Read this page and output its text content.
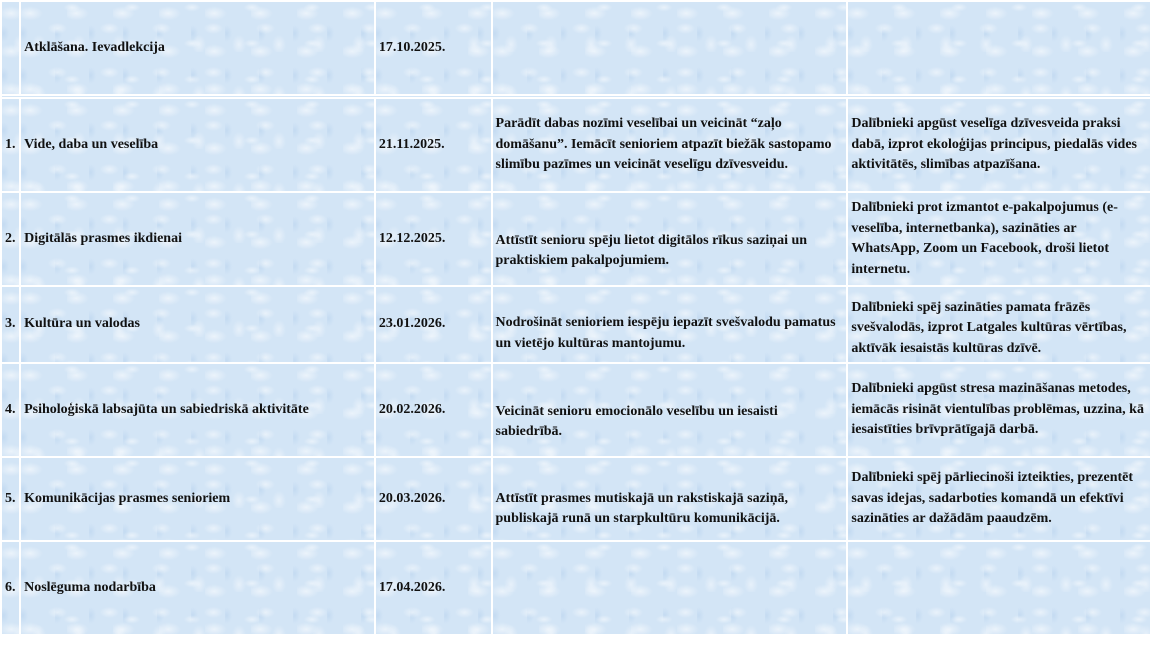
	Atklāšana. Ievadlekcija	17.10.2025.		

1.	Vide, daba un veselība	21.11.2025.	Parādīt dabas nozīmi veselībai un veicināt “zaļo domāšanu”. Iemācīt senioriem atpazīt biežāk sastopamo slimību pazīmes un veicināt veselīgu dzīvesveidu.	Dalībnieki apgūst veselīga dzīvesveida praksi dabā, izprot ekoloģijas principus, piedalās vides aktivitātēs, slimības atpazīšana.
2.	Digitālās prasmes ikdienai	12.12.2025.	Attīstīt senioru spēju lietot digitālos rīkus saziņai un praktiskiem pakalpojumiem.	Dalībnieki prot izmantot e-pakalpojumus (e-veselība, internetbanka), sazināties ar WhatsApp, Zoom un Facebook, droši lietot internetu.
3.	Kultūra un valodas	23.01.2026.	Nodrošināt senioriem iespēju iepazīt svešvalodu pamatus un vietējo kultūras mantojumu.	Dalībnieki spēj sazināties pamata frāzēs svešvalodās, izprot Latgales kultūras vērtības, aktīvāk iesaistās kultūras dzīvē.
4.	Psiholoģiskā labsajūta un sabiedriskā aktivitāte	20.02.2026.	Veicināt senioru emocionālo veselību un iesaisti sabiedrībā.	Dalībnieki apgūst stresa mazināšanas metodes, iemācās risināt vientulības problēmas, uzzina, kā iesaistīties brīvprātīgajā darbā.
5.	Komunikācijas prasmes senioriem	20.03.2026.	Attīstīt prasmes mutiskajā un rakstiskajā saziņā, publiskajā runā un starpkultūru komunikācijā.	Dalībnieki spēj pārliecinoši izteikties, prezentēt savas idejas, sadarboties komandā un efektīvi sazināties ar dažādām paaudzēm.
6.	Noslēguma nodarbība	17.04.2026.		
